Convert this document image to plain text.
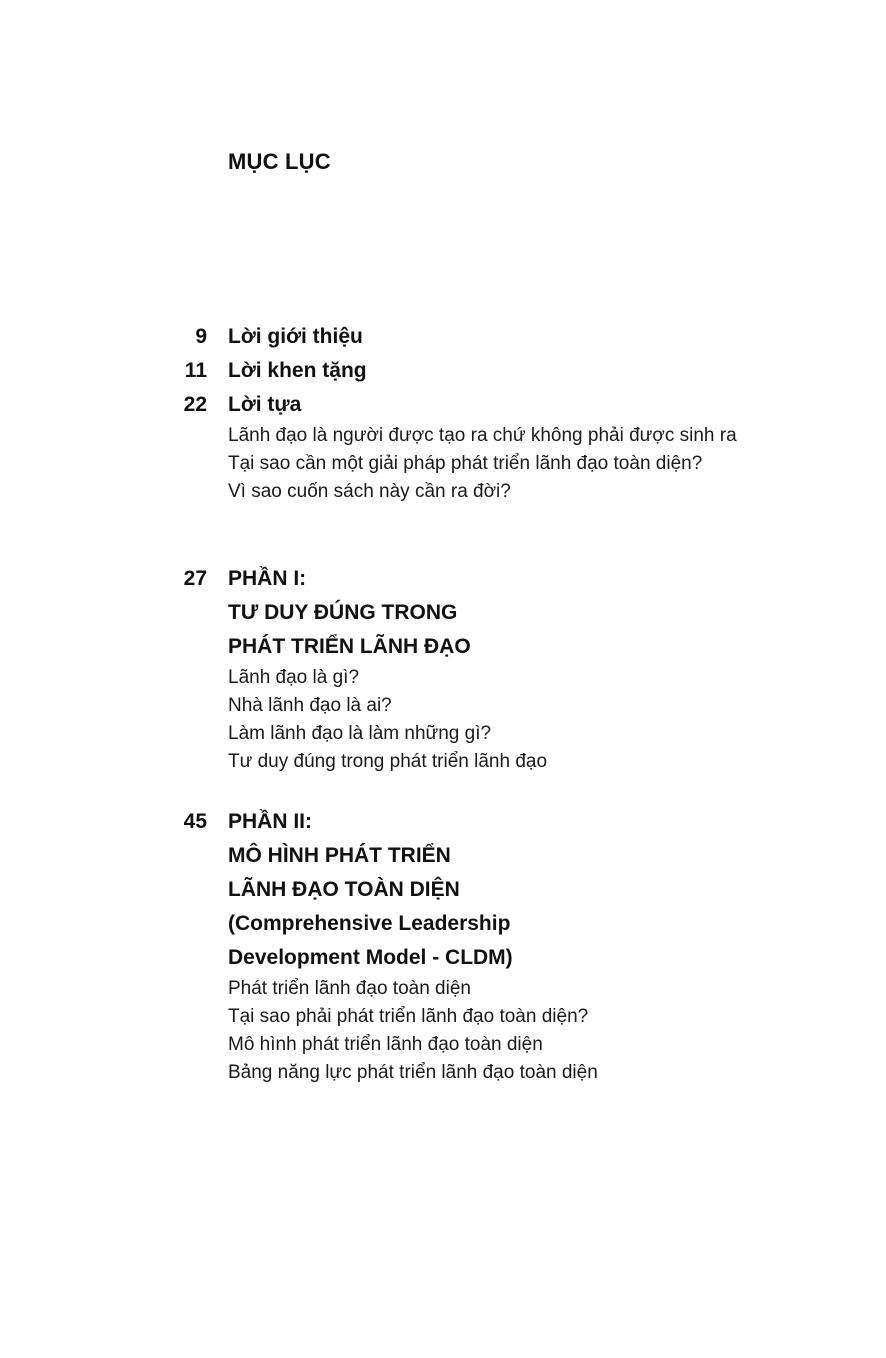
MỤC LỤC
9 Lời giới thiệu
11 Lời khen tặng
22 Lời tựa
Lãnh đạo là người được tạo ra chứ không phải được sinh ra
Tại sao cần một giải pháp phát triển lãnh đạo toàn diện?
Vì sao cuốn sách này cần ra đời?
27 PHẦN I:
TƯ DUY ĐÚNG TRONG
PHÁT TRIỂN LÃNH ĐẠO
Lãnh đạo là gì?
Nhà lãnh đạo là ai?
Làm lãnh đạo là làm những gì?
Tư duy đúng trong phát triển lãnh đạo
45 PHẦN II:
MÔ HÌNH PHÁT TRIỂN
LÃNH ĐẠO TOÀN DIỆN
(Comprehensive Leadership
Development Model - CLDM)
Phát triển lãnh đạo toàn diện
Tại sao phải phát triển lãnh đạo toàn diện?
Mô hình phát triển lãnh đạo toàn diện
Bảng năng lực phát triển lãnh đạo toàn diện
